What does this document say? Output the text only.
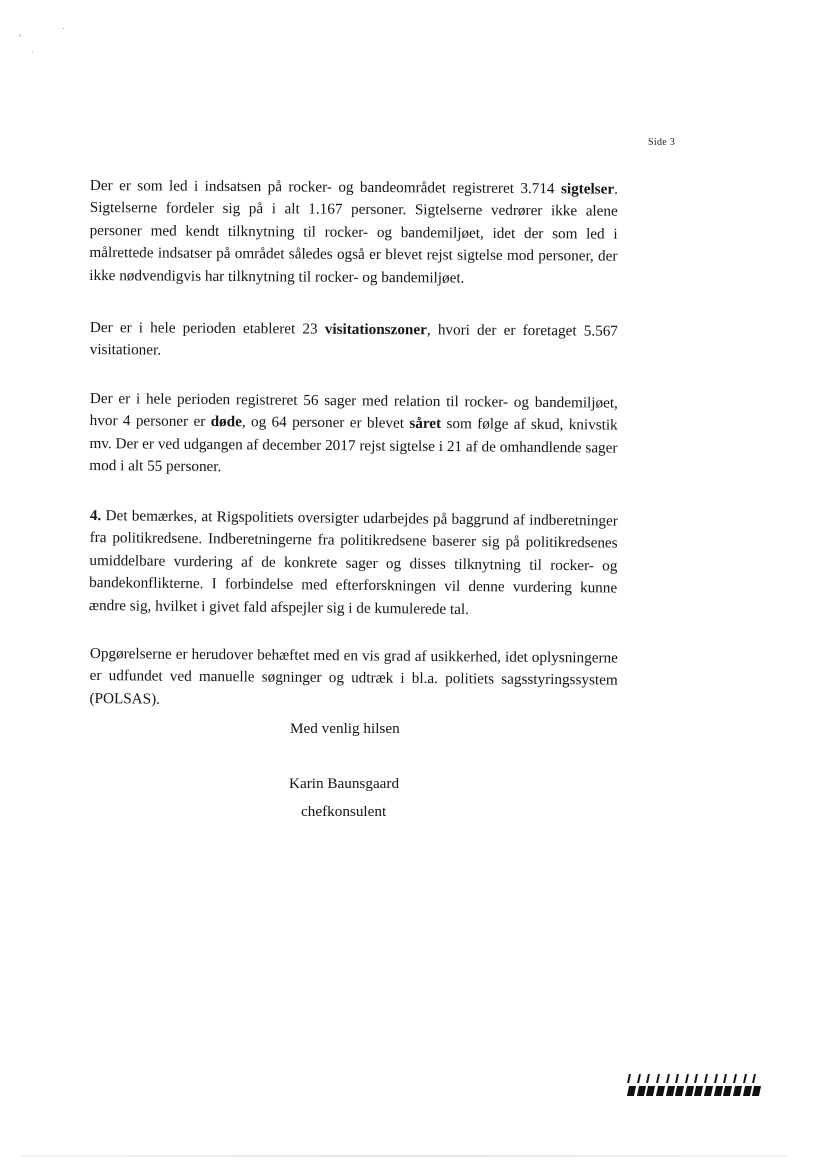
Side 3

Der er som led i indsatsen på rocker- og bandeområdet registreret 3.714 sigtelser. Sigtelserne fordeler sig på i alt 1.167 personer. Sigtelserne vedrører ikke alene personer med kendt tilknytning til rocker- og bandemiljøet, idet der som led i målrettede indsatser på området således også er blevet rejst sigtelse mod personer, der ikke nødvendigvis har tilknytning til rocker- og bandemiljøet.

Der er i hele perioden etableret 23 visitationszoner, hvori der er foretaget 5.567 visitationer.

Der er i hele perioden registreret 56 sager med relation til rocker- og bandemiljøet, hvor 4 personer er døde, og 64 personer er blevet såret som følge af skud, knivstik mv. Der er ved udgangen af december 2017 rejst sigtelse i 21 af de omhandlende sager mod i alt 55 personer.

4. Det bemærkes, at Rigspolitiets oversigter udarbejdes på baggrund af indberetninger fra politikredsene. Indberetningerne fra politikredsene baserer sig på politikredsenes umiddelbare vurdering af de konkrete sager og disses tilknytning til rocker- og bandekonflikterne. I forbindelse med efterforskningen vil denne vurdering kunne ændre sig, hvilket i givet fald afspejler sig i de kumulerede tal.

Opgørelserne er herudover behæftet med en vis grad af usikkerhed, idet oplysningerne er udfundet ved manuelle søgninger og udtræk i bl.a. politiets sagsstyringssystem (POLSAS).

Med venlig hilsen
Karin Baunsgaard
chefkonsulent
